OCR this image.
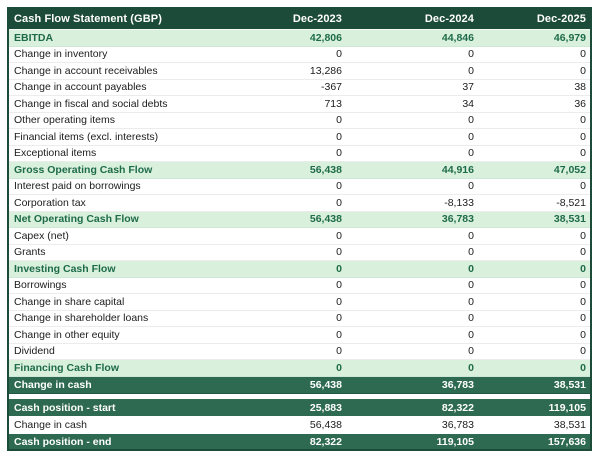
Cash Flow Statement (GBP)	Dec-2023	Dec-2024	Dec-2025
EBITDA	42,806	44,846	46,979
Change in inventory	0	0	0
Change in account receivables	13,286	0	0
Change in account payables	-367	37	38
Change in fiscal and social debts	713	34	36
Other operating items	0	0	0
Financial items (excl. interests)	0	0	0
Exceptional items	0	0	0
Gross Operating Cash Flow	56,438	44,916	47,052
Interest paid on borrowings	0	0	0
Corporation tax	0	-8,133	-8,521
Net Operating Cash Flow	56,438	36,783	38,531
Capex (net)	0	0	0
Grants	0	0	0
Investing Cash Flow	0	0	0
Borrowings	0	0	0
Change in share capital	0	0	0
Change in shareholder loans	0	0	0
Change in other equity	0	0	0
Dividend	0	0	0
Financing Cash Flow	0	0	0
Change in cash	56,438	36,783	38,531
Cash position - start	25,883	82,322	119,105
Change in cash	56,438	36,783	38,531
Cash position - end	82,322	119,105	157,636
